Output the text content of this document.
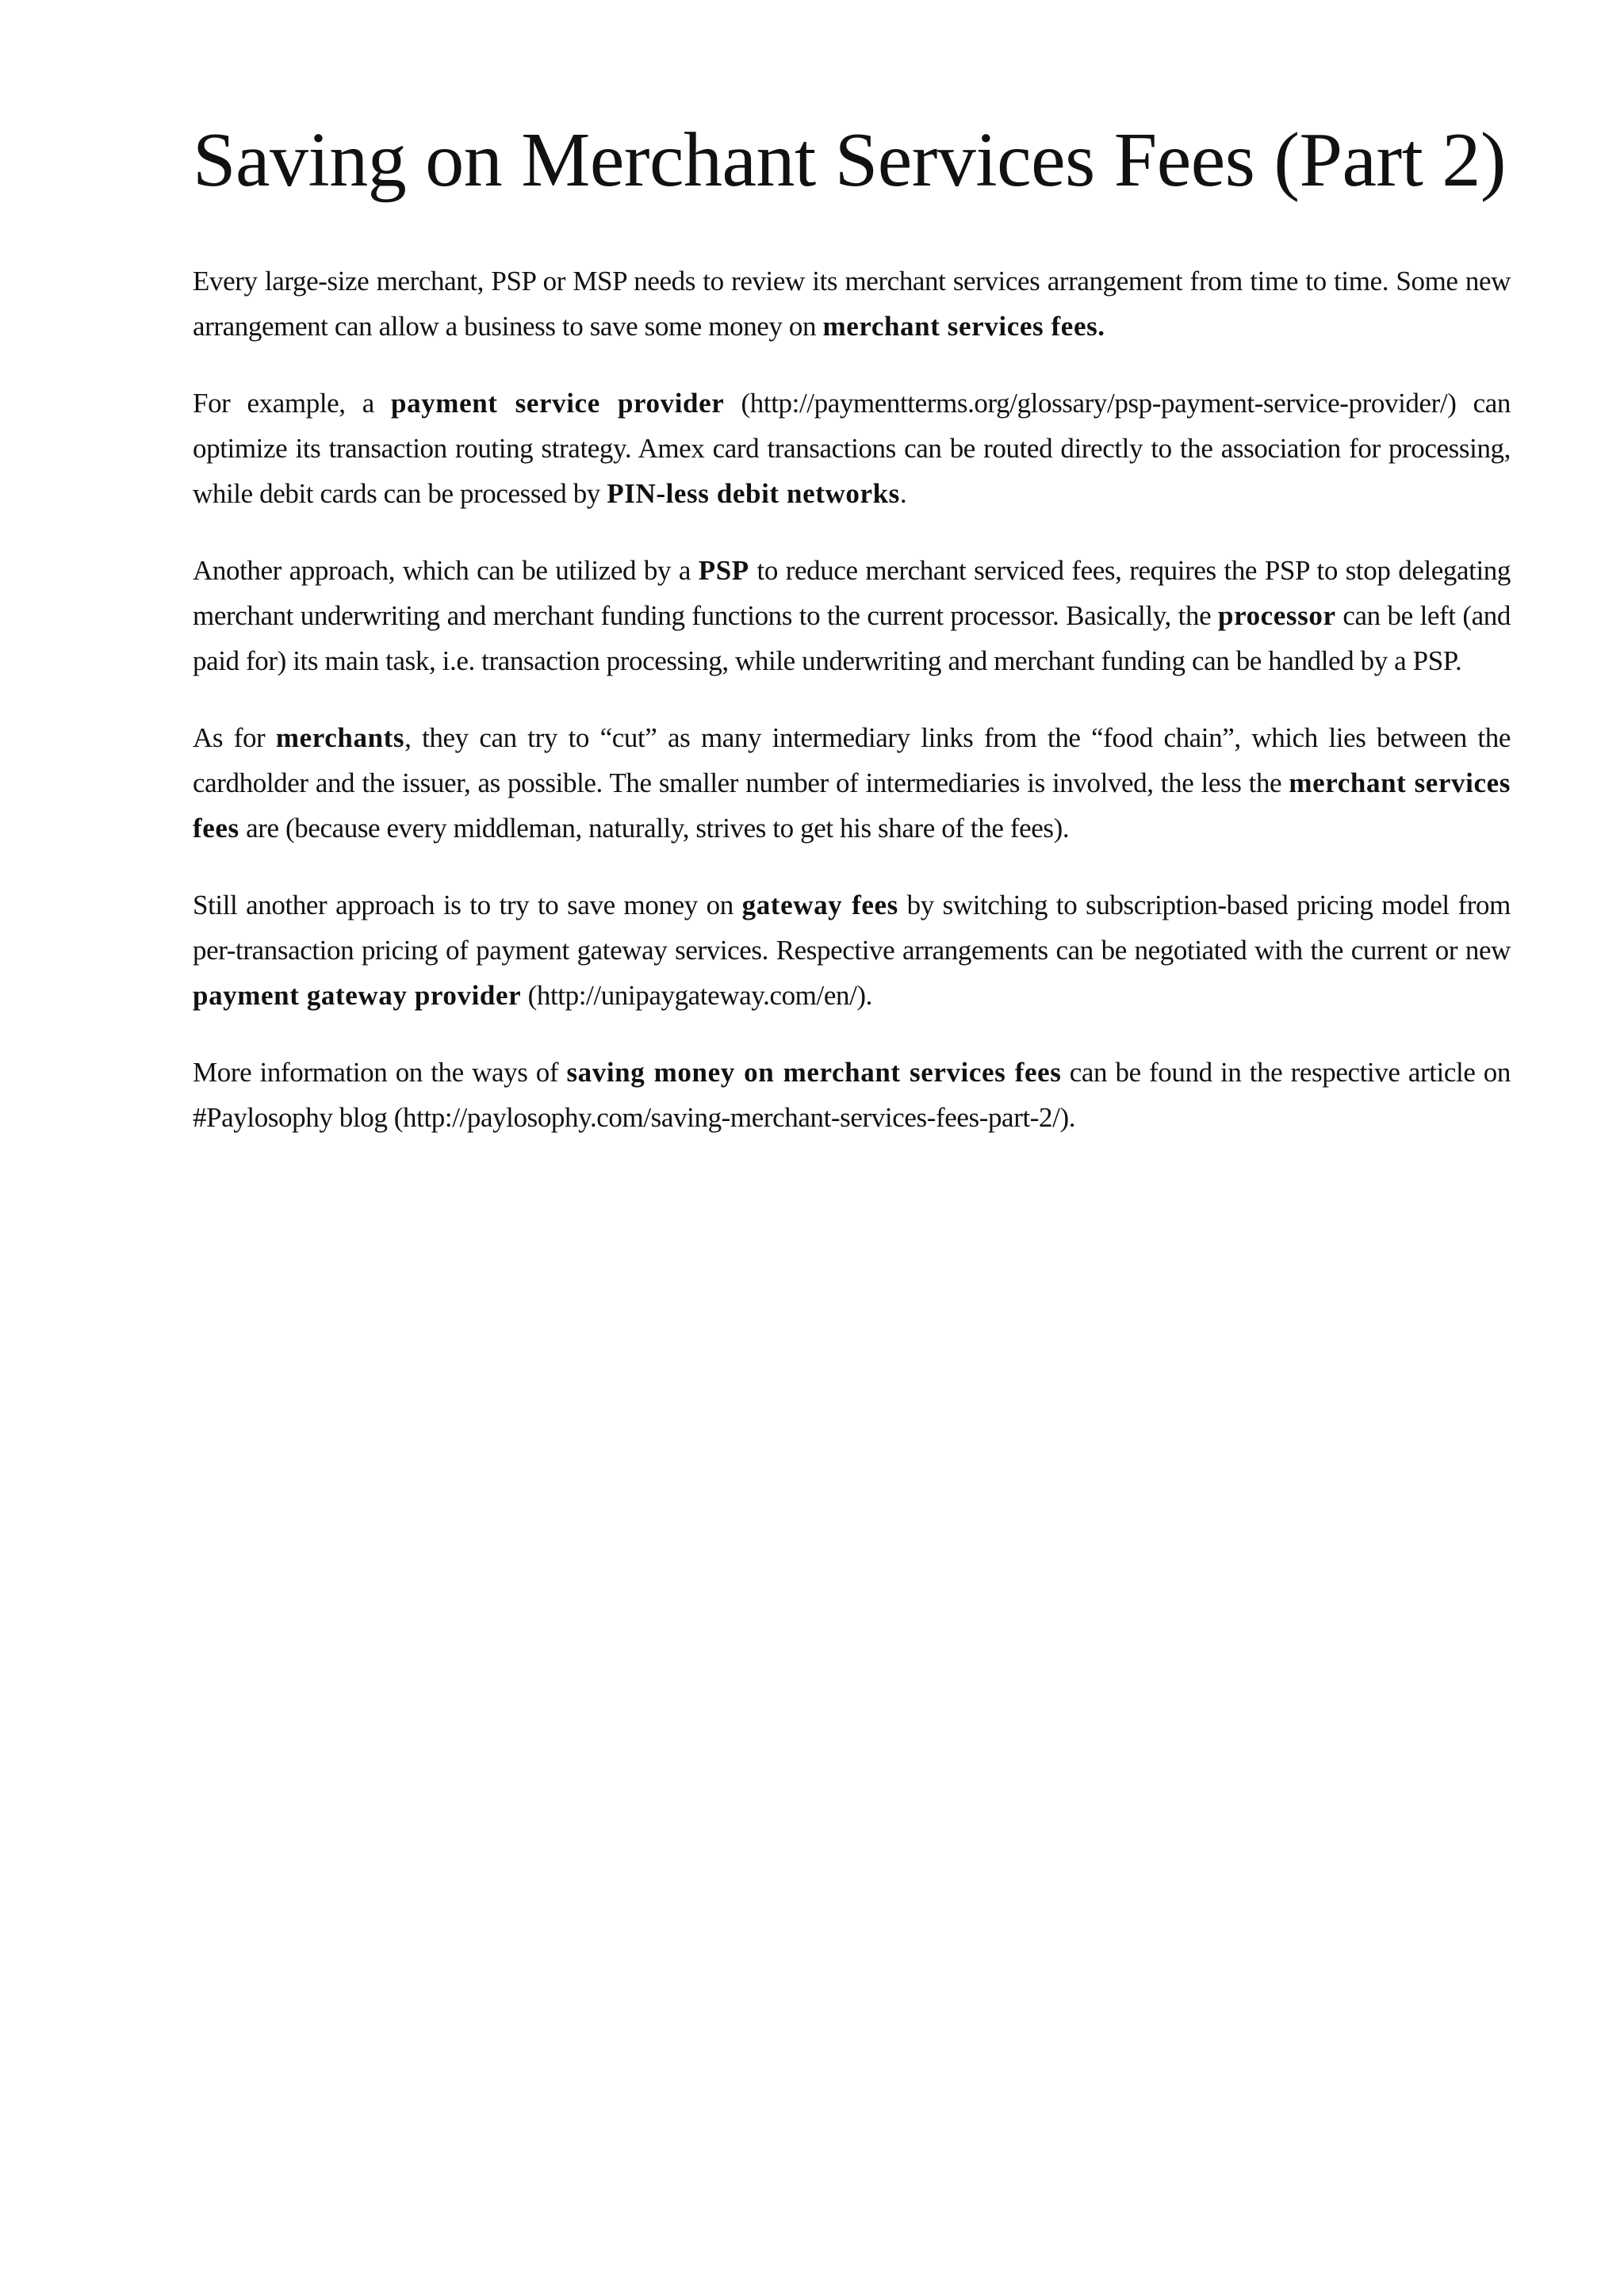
Saving on Merchant Services Fees (Part 2)

Every large-size merchant, PSP or MSP needs to review its merchant services arrangement from time to time. Some new arrangement can allow a business to save some money on merchant services fees.

For example, a payment service provider (http://paymentterms.org/glossary/psp-payment-service-provider/) can optimize its transaction routing strategy. Amex card transactions can be routed directly to the association for processing, while debit cards can be processed by PIN-less debit networks.

Another approach, which can be utilized by a PSP to reduce merchant serviced fees, requires the PSP to stop delegating merchant underwriting and merchant funding functions to the current processor. Basically, the processor can be left (and paid for) its main task, i.e. transaction processing, while underwriting and merchant funding can be handled by a PSP.

As for merchants, they can try to “cut” as many intermediary links from the “food chain”, which lies between the cardholder and the issuer, as possible. The smaller number of intermediaries is involved, the less the merchant services fees are (because every middleman, naturally, strives to get his share of the fees).

Still another approach is to try to save money on gateway fees by switching to subscription-based pricing model from per-transaction pricing of payment gateway services. Respective arrangements can be negotiated with the current or new payment gateway provider (http://unipaygateway.com/en/).

More information on the ways of saving money on merchant services fees can be found in the respective article on #Paylosophy blog (http://paylosophy.com/saving-merchant-services-fees-part-2/).
